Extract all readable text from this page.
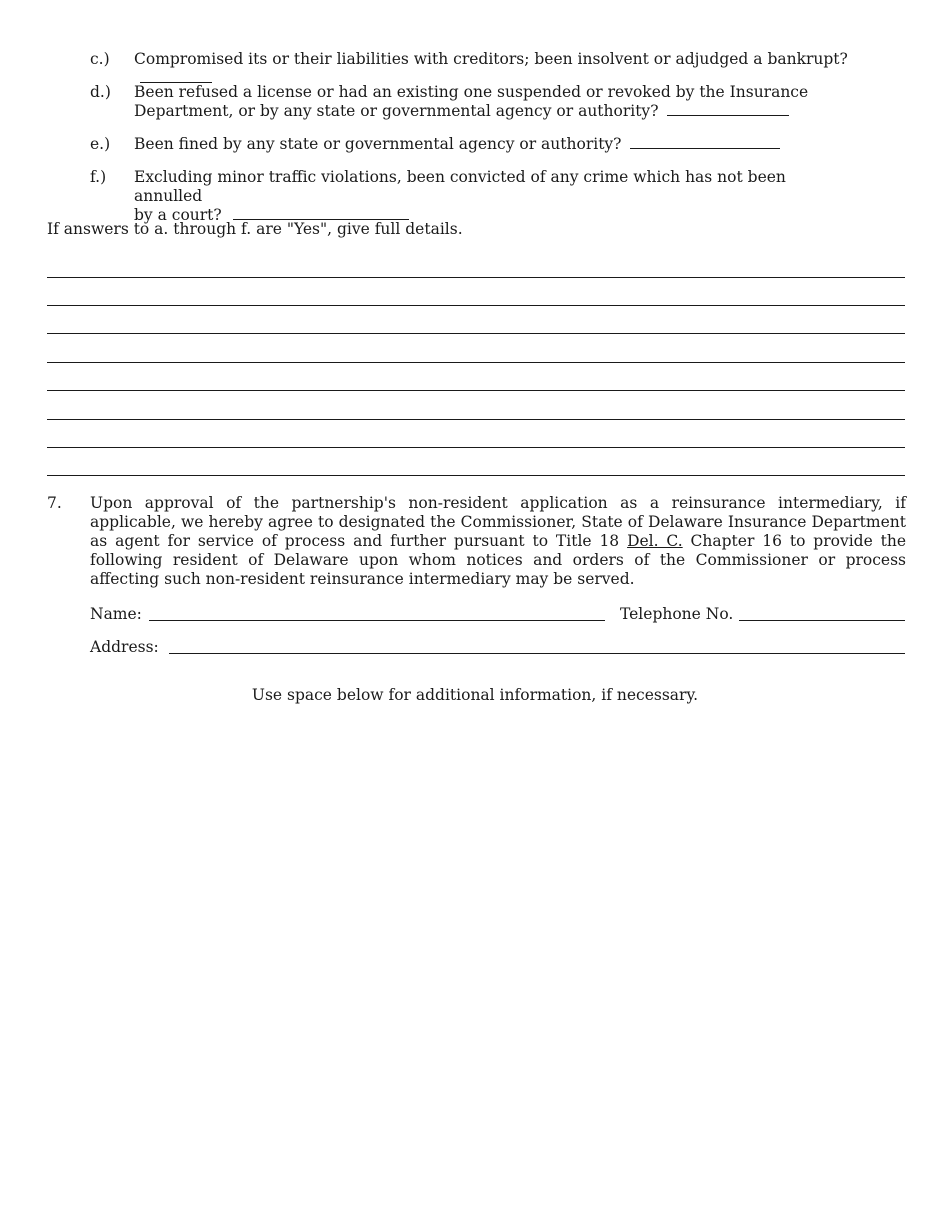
c.) Compromised its or their liabilities with creditors; been insolvent or adjudged a bankrupt?
d.) Been refused a license or had an existing one suspended or revoked by the Insurance
Department, or by any state or governmental agency or authority?
e.) Been fined by any state or governmental agency or authority?
f.) Excluding minor traffic violations, been convicted of any crime which has not been annulled
by a court?
If answers to a. through f. are "Yes", give full details.
7. Upon approval of the partnership's non-resident application as a reinsurance intermediary, if applicable, we hereby agree to designated the Commissioner, State of Delaware Insurance Department as agent for service of process and further pursuant to Title 18 Del. C. Chapter 16 to provide the following resident of Delaware upon whom notices and orders of the Commissioner or process affecting such non-resident reinsurance intermediary may be served.
Name:	Telephone No.
Address:
Use space below for additional information, if necessary.
